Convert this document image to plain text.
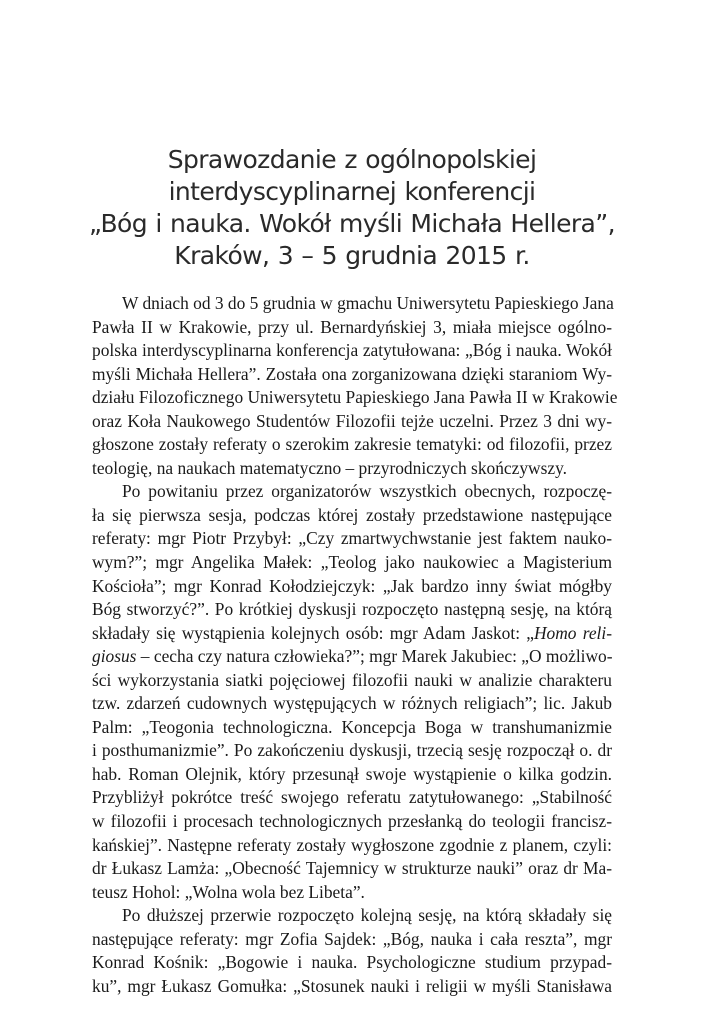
Sprawozdanie z ogólnopolskiej
interdyscyplinarnej konferencji
„Bóg i nauka. Wokół myśli Michała Hellera”,
Kraków, 3 – 5 grudnia 2015 r.
W dniach od 3 do 5 grudnia w gmachu Uniwersytetu Papieskiego Jana
Pawła II w Krakowie, przy ul. Bernardyńskiej 3, miała miejsce ogólno-
polska interdyscyplinarna konferencja zatytułowana: „Bóg i nauka. Wokół
myśli Michała Hellera”. Została ona zorganizowana dzięki staraniom Wy-
działu Filozoficznego Uniwersytetu Papieskiego Jana Pawła II w Krakowie
oraz Koła Naukowego Studentów Filozofii tejże uczelni. Przez 3 dni wy-
głoszone zostały referaty o szerokim zakresie tematyki: od filozofii, przez
teologię, na naukach matematyczno – przyrodniczych skończywszy.
Po powitaniu przez organizatorów wszystkich obecnych, rozpoczę-
ła się pierwsza sesja, podczas której zostały przedstawione następujące
referaty: mgr Piotr Przybył: „Czy zmartwychwstanie jest faktem nauko-
wym?”; mgr Angelika Małek: „Teolog jako naukowiec a Magisterium
Kościoła”; mgr Konrad Kołodziejczyk: „Jak bardzo inny świat mógłby
Bóg stworzyć?”. Po krótkiej dyskusji rozpoczęto następną sesję, na którą
składały się wystąpienia kolejnych osób: mgr Adam Jaskot: „Homo reli-
giosus – cecha czy natura człowieka?”; mgr Marek Jakubiec: „O możliwo-
ści wykorzystania siatki pojęciowej filozofii nauki w analizie charakteru
tzw. zdarzeń cudownych występujących w różnych religiach”; lic. Jakub
Palm: „Teogonia technologiczna. Koncepcja Boga w transhumanizmie
i posthumanizmie”. Po zakończeniu dyskusji, trzecią sesję rozpoczął o. dr
hab. Roman Olejnik, który przesunął swoje wystąpienie o kilka godzin.
Przybliżył pokrótce treść swojego referatu zatytułowanego: „Stabilność
w filozofii i procesach technologicznych przesłanką do teologii francisz-
kańskiej”. Następne referaty zostały wygłoszone zgodnie z planem, czyli:
dr Łukasz Lamża: „Obecność Tajemnicy w strukturze nauki” oraz dr Ma-
teusz Hohol: „Wolna wola bez Libeta”.
Po dłuższej przerwie rozpoczęto kolejną sesję, na którą składały się
następujące referaty: mgr Zofia Sajdek: „Bóg, nauka i cała reszta”, mgr
Konrad Kośnik: „Bogowie i nauka. Psychologiczne studium przypad-
ku”, mgr Łukasz Gomułka: „Stosunek nauki i religii w myśli Stanisława
